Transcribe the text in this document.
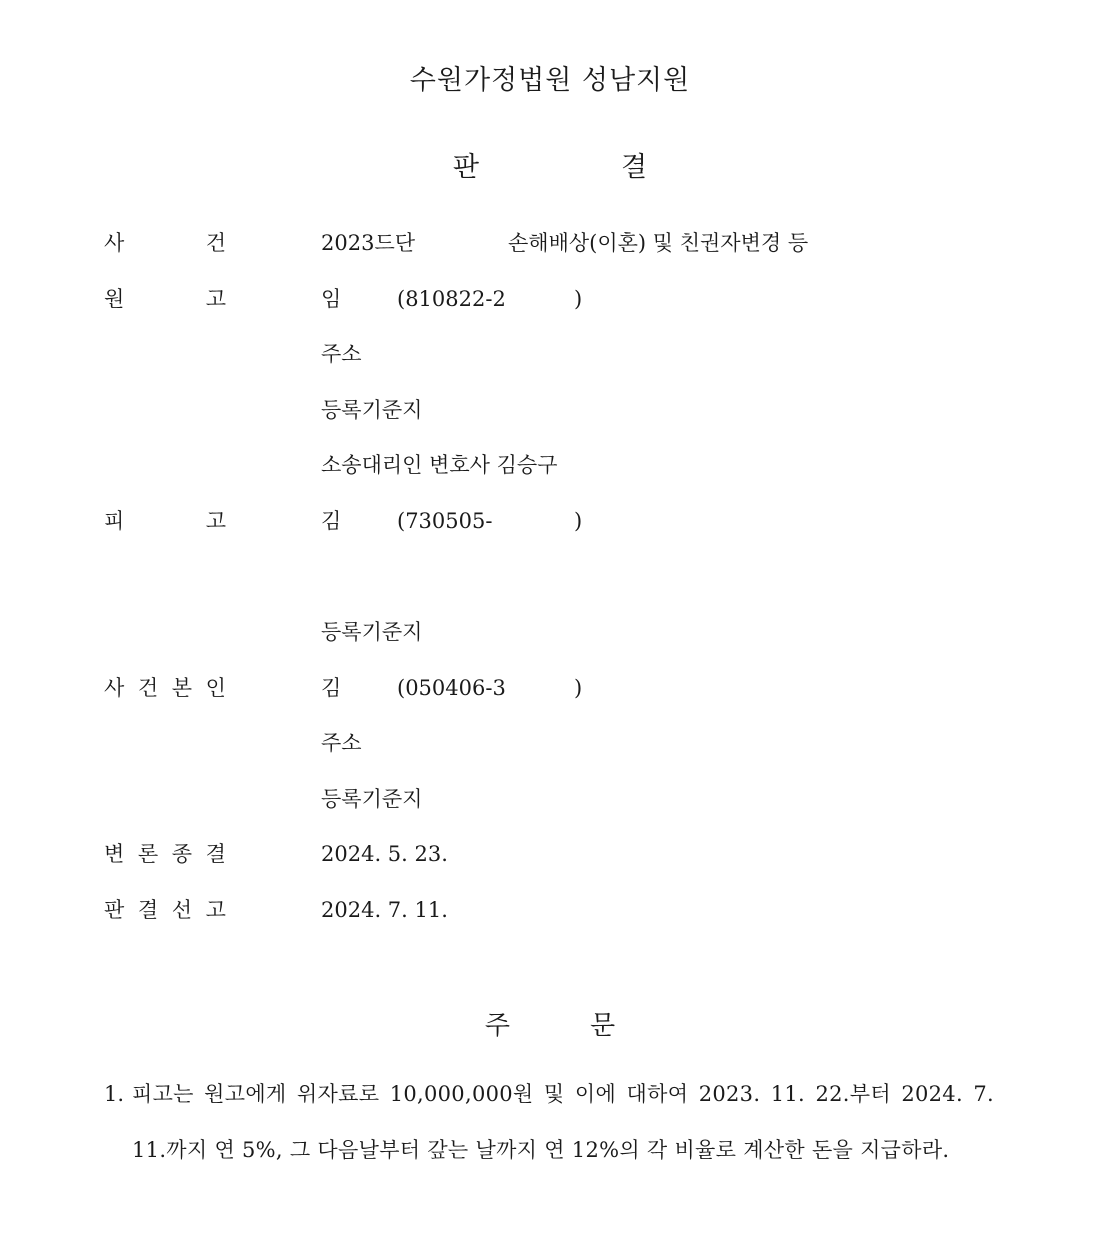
수원가정법원 성남지원
판	결
사	건	2023드단	손해배상(이혼) 및 친권자변경 등
원	고	임	(810822-2	)
주소
등록기준지
소송대리인 변호사 김승구
피	고	김	(730505-	)
등록기준지
사 건 본 인	김	(050406-3	)
주소
등록기준지
변 론 종 결	2024. 5. 23.
판 결 선 고	2024. 7. 11.
주	문
1. 피고는 원고에게 위자료로 10,000,000원 및 이에 대하여 2023. 11. 22.부터 2024. 7. 11.까지 연 5%, 그 다음날부터 갚는 날까지 연 12%의 각 비율로 계산한 돈을 지급하라.
